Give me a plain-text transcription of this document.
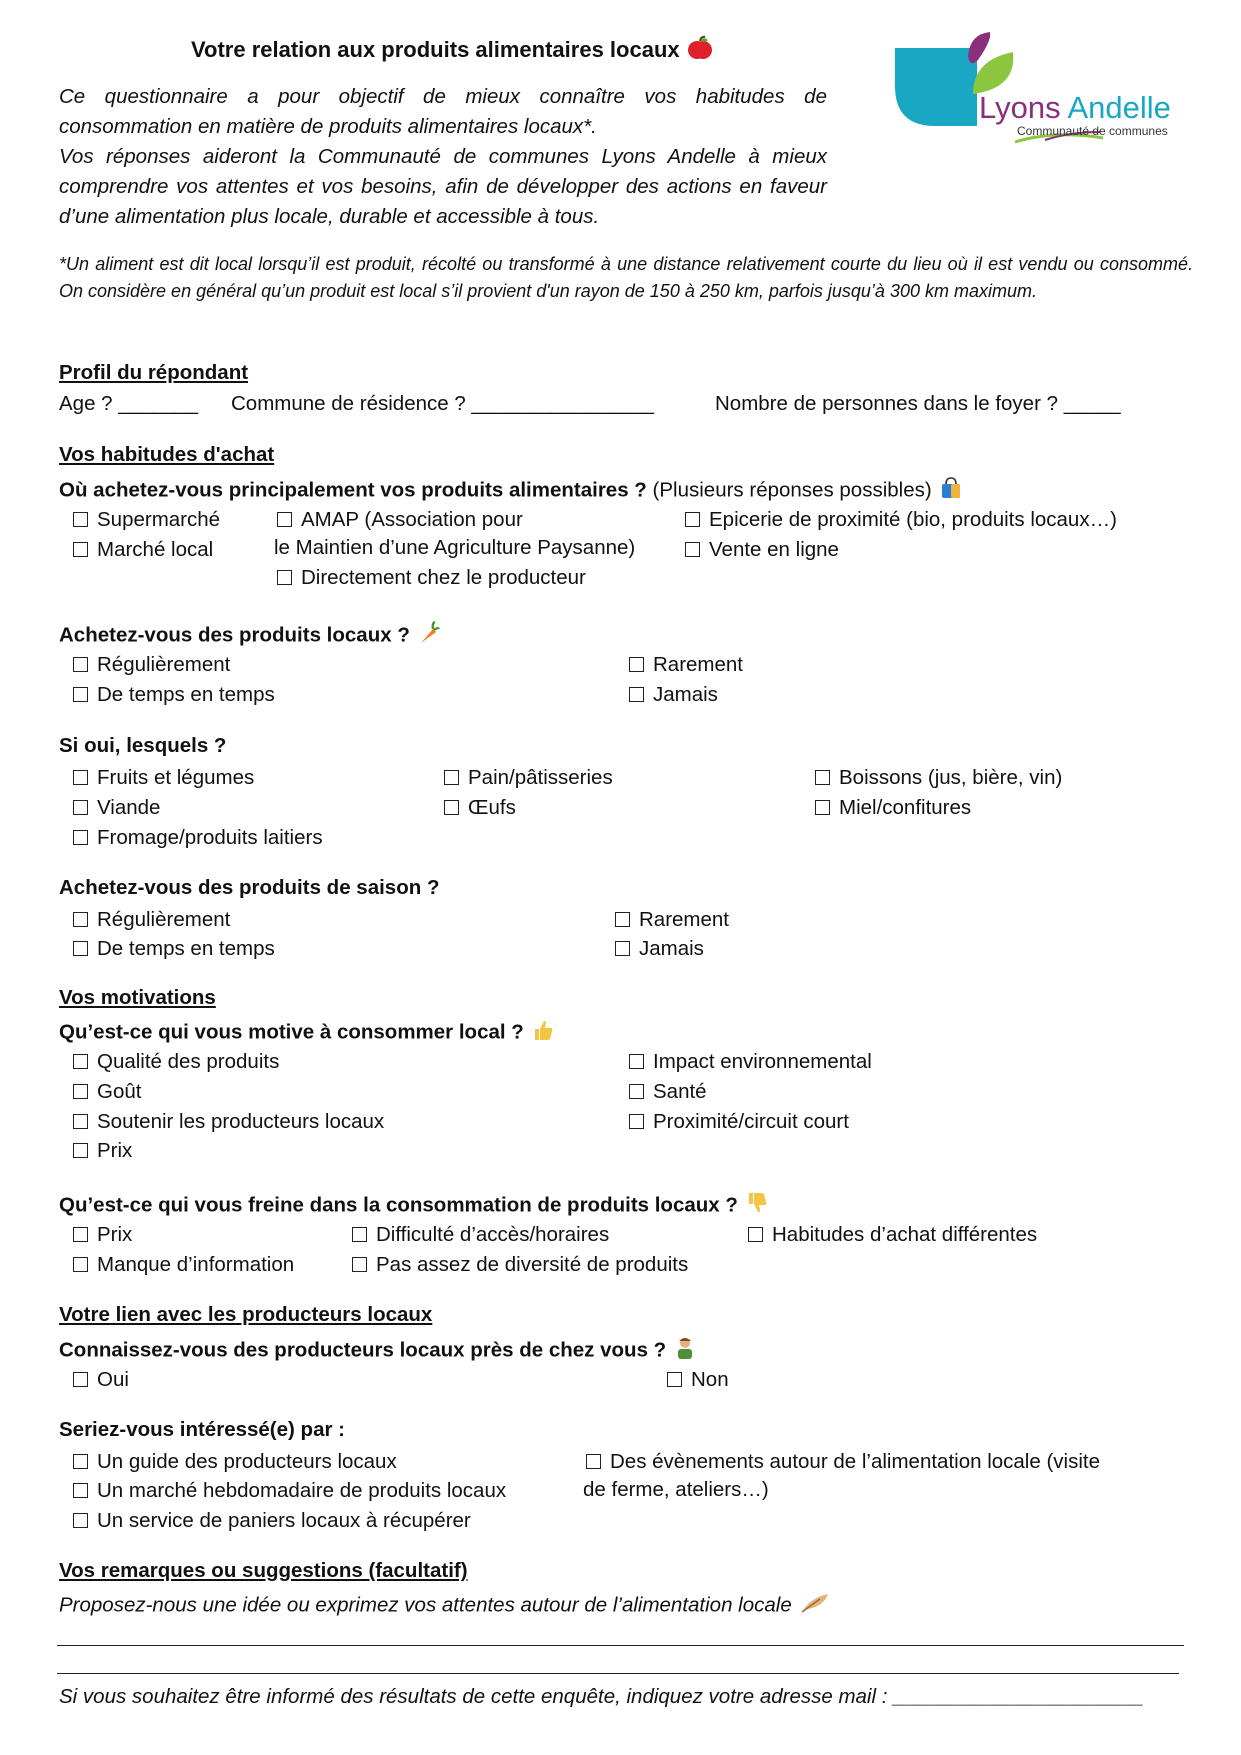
Votre relation aux produits alimentaires locaux
Lyons Andelle
Communauté de communes

Ce questionnaire a pour objectif de mieux connaître vos habitudes de consommation en matière de produits alimentaires locaux*.

Vos réponses aideront la Communauté de communes Lyons Andelle à mieux comprendre vos attentes et vos besoins, afin de développer des actions en faveur d’une alimentation plus locale, durable et accessible à tous.

*Un aliment est dit local lorsqu’il est produit, récolté ou transformé à une distance relativement courte du lieu où il est vendu ou consommé. On considère en général qu’un produit est local s’il provient d'un rayon de 150 à 250 km, parfois jusqu’à 300 km maximum.
Profil du répondant
Age ? _______ Commune de résidence ? ________________	Nombre de personnes dans le foyer ? _____
Vos habitudes d'achat
Où achetez-vous principalement vos produits alimentaires ? (Plusieurs réponses possibles)
Supermarché
Marché local
AMAP (Association pour
le Maintien d’une Agriculture Paysanne)
Directement chez le producteur
Epicerie de proximité (bio, produits locaux…)
Vente en ligne
Achetez-vous des produits locaux ?
Régulièrement
De temps en temps
Rarement
Jamais
Si oui, lesquels ?
Fruits et légumes
Viande
Fromage/produits laitiers
Pain/pâtisseries
Œufs
Boissons (jus, bière, vin)
Miel/confitures
Achetez-vous des produits de saison ?
Régulièrement
De temps en temps
Rarement
Jamais
Vos motivations
Qu’est-ce qui vous motive à consommer local ?
Qualité des produits
Goût
Soutenir les producteurs locaux
Prix
Impact environnemental
Santé
Proximité/circuit court
Qu’est-ce qui vous freine dans la consommation de produits locaux ?
Prix
Manque d’information
Difficulté d’accès/horaires
Pas assez de diversité de produits
Habitudes d’achat différentes
Votre lien avec les producteurs locaux
Connaissez-vous des producteurs locaux près de chez vous ?
Oui	Non
Seriez-vous intéressé(e) par :
Un guide des producteurs locaux
Un marché hebdomadaire de produits locaux
Un service de paniers locaux à récupérer
Des évènements autour de l’alimentation locale (visite
de ferme, ateliers…)
Vos remarques ou suggestions (facultatif)
Proposez-nous une idée ou exprimez vos attentes autour de l’alimentation locale
Si vous souhaitez être informé des résultats de cette enquête, indiquez votre adresse mail : ______________________
